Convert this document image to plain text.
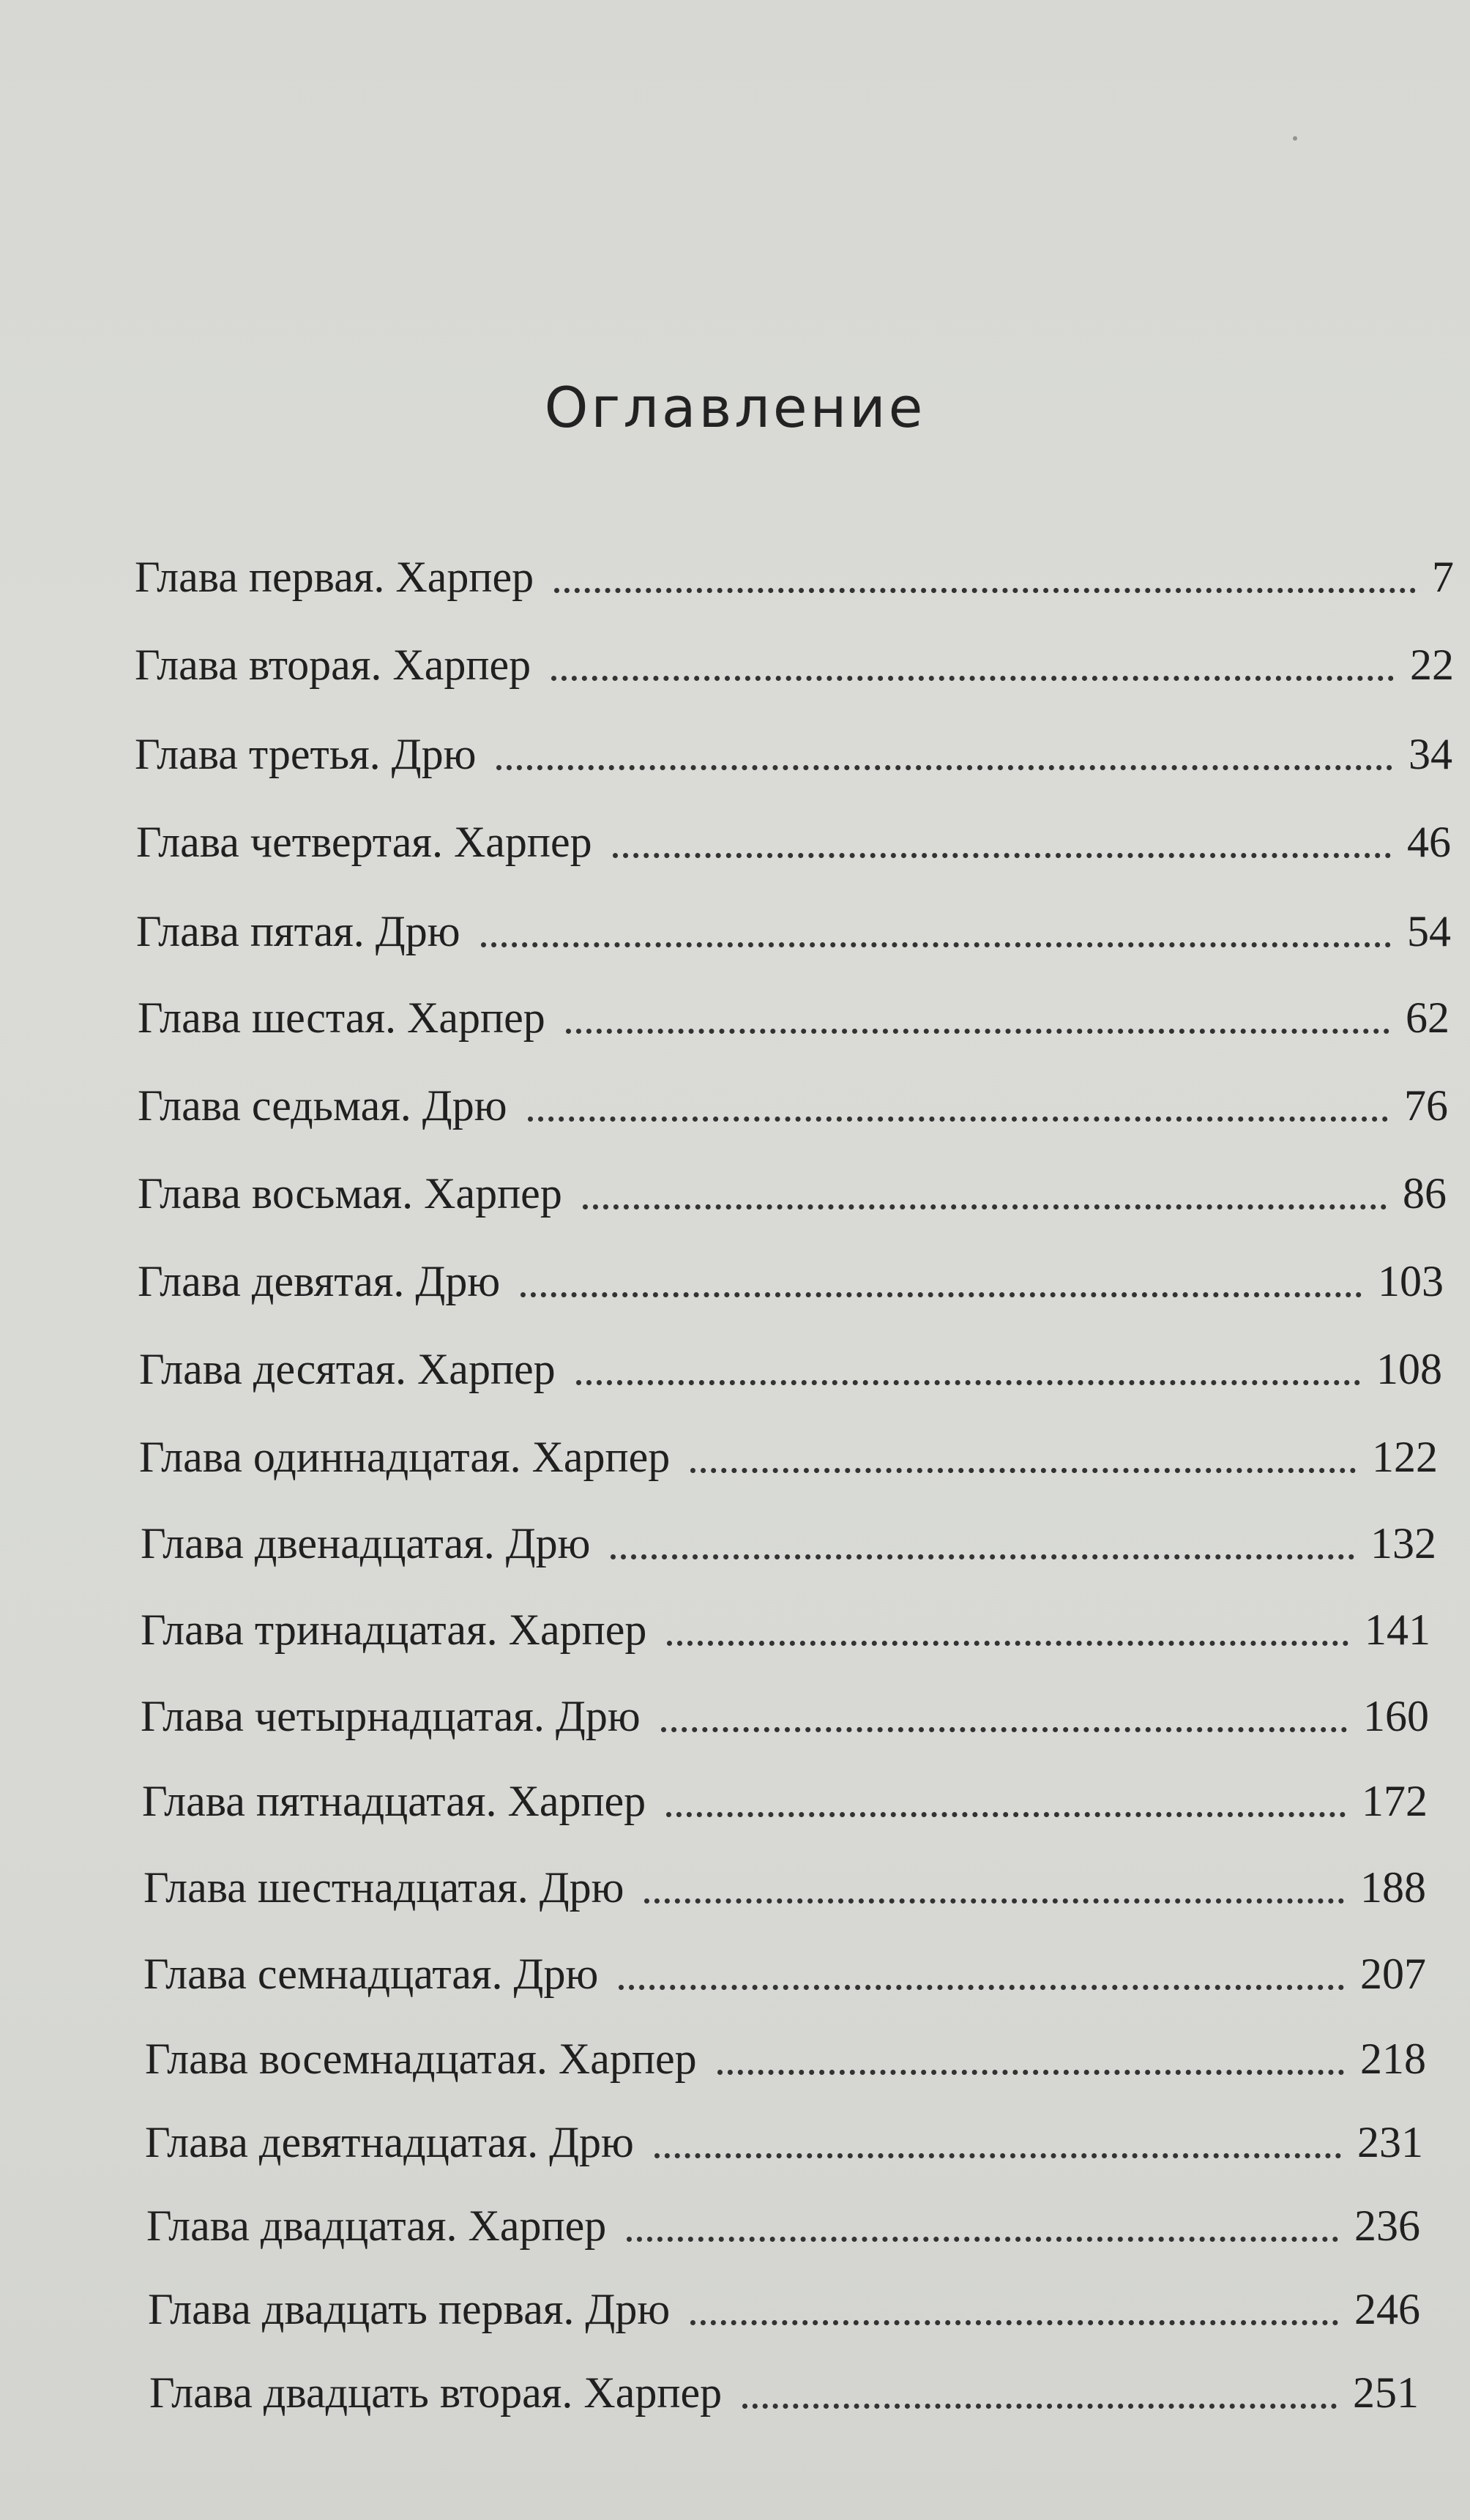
Оглавление
Глава первая. Харпер	7
Глава вторая. Харпер	22
Глава третья. Дрю	34
Глава четвертая. Харпер	46
Глава пятая. Дрю	54
Глава шестая. Харпер	62
Глава седьмая. Дрю	76
Глава восьмая. Харпер	86
Глава девятая. Дрю	103
Глава десятая. Харпер	108
Глава одиннадцатая. Харпер	122
Глава двенадцатая. Дрю	132
Глава тринадцатая. Харпер	141
Глава четырнадцатая. Дрю	160
Глава пятнадцатая. Харпер	172
Глава шестнадцатая. Дрю	188
Глава семнадцатая. Дрю	207
Глава восемнадцатая. Харпер	218
Глава девятнадцатая. Дрю	231
Глава двадцатая. Харпер	236
Глава двадцать первая. Дрю	246
Глава двадцать вторая. Харпер	251
